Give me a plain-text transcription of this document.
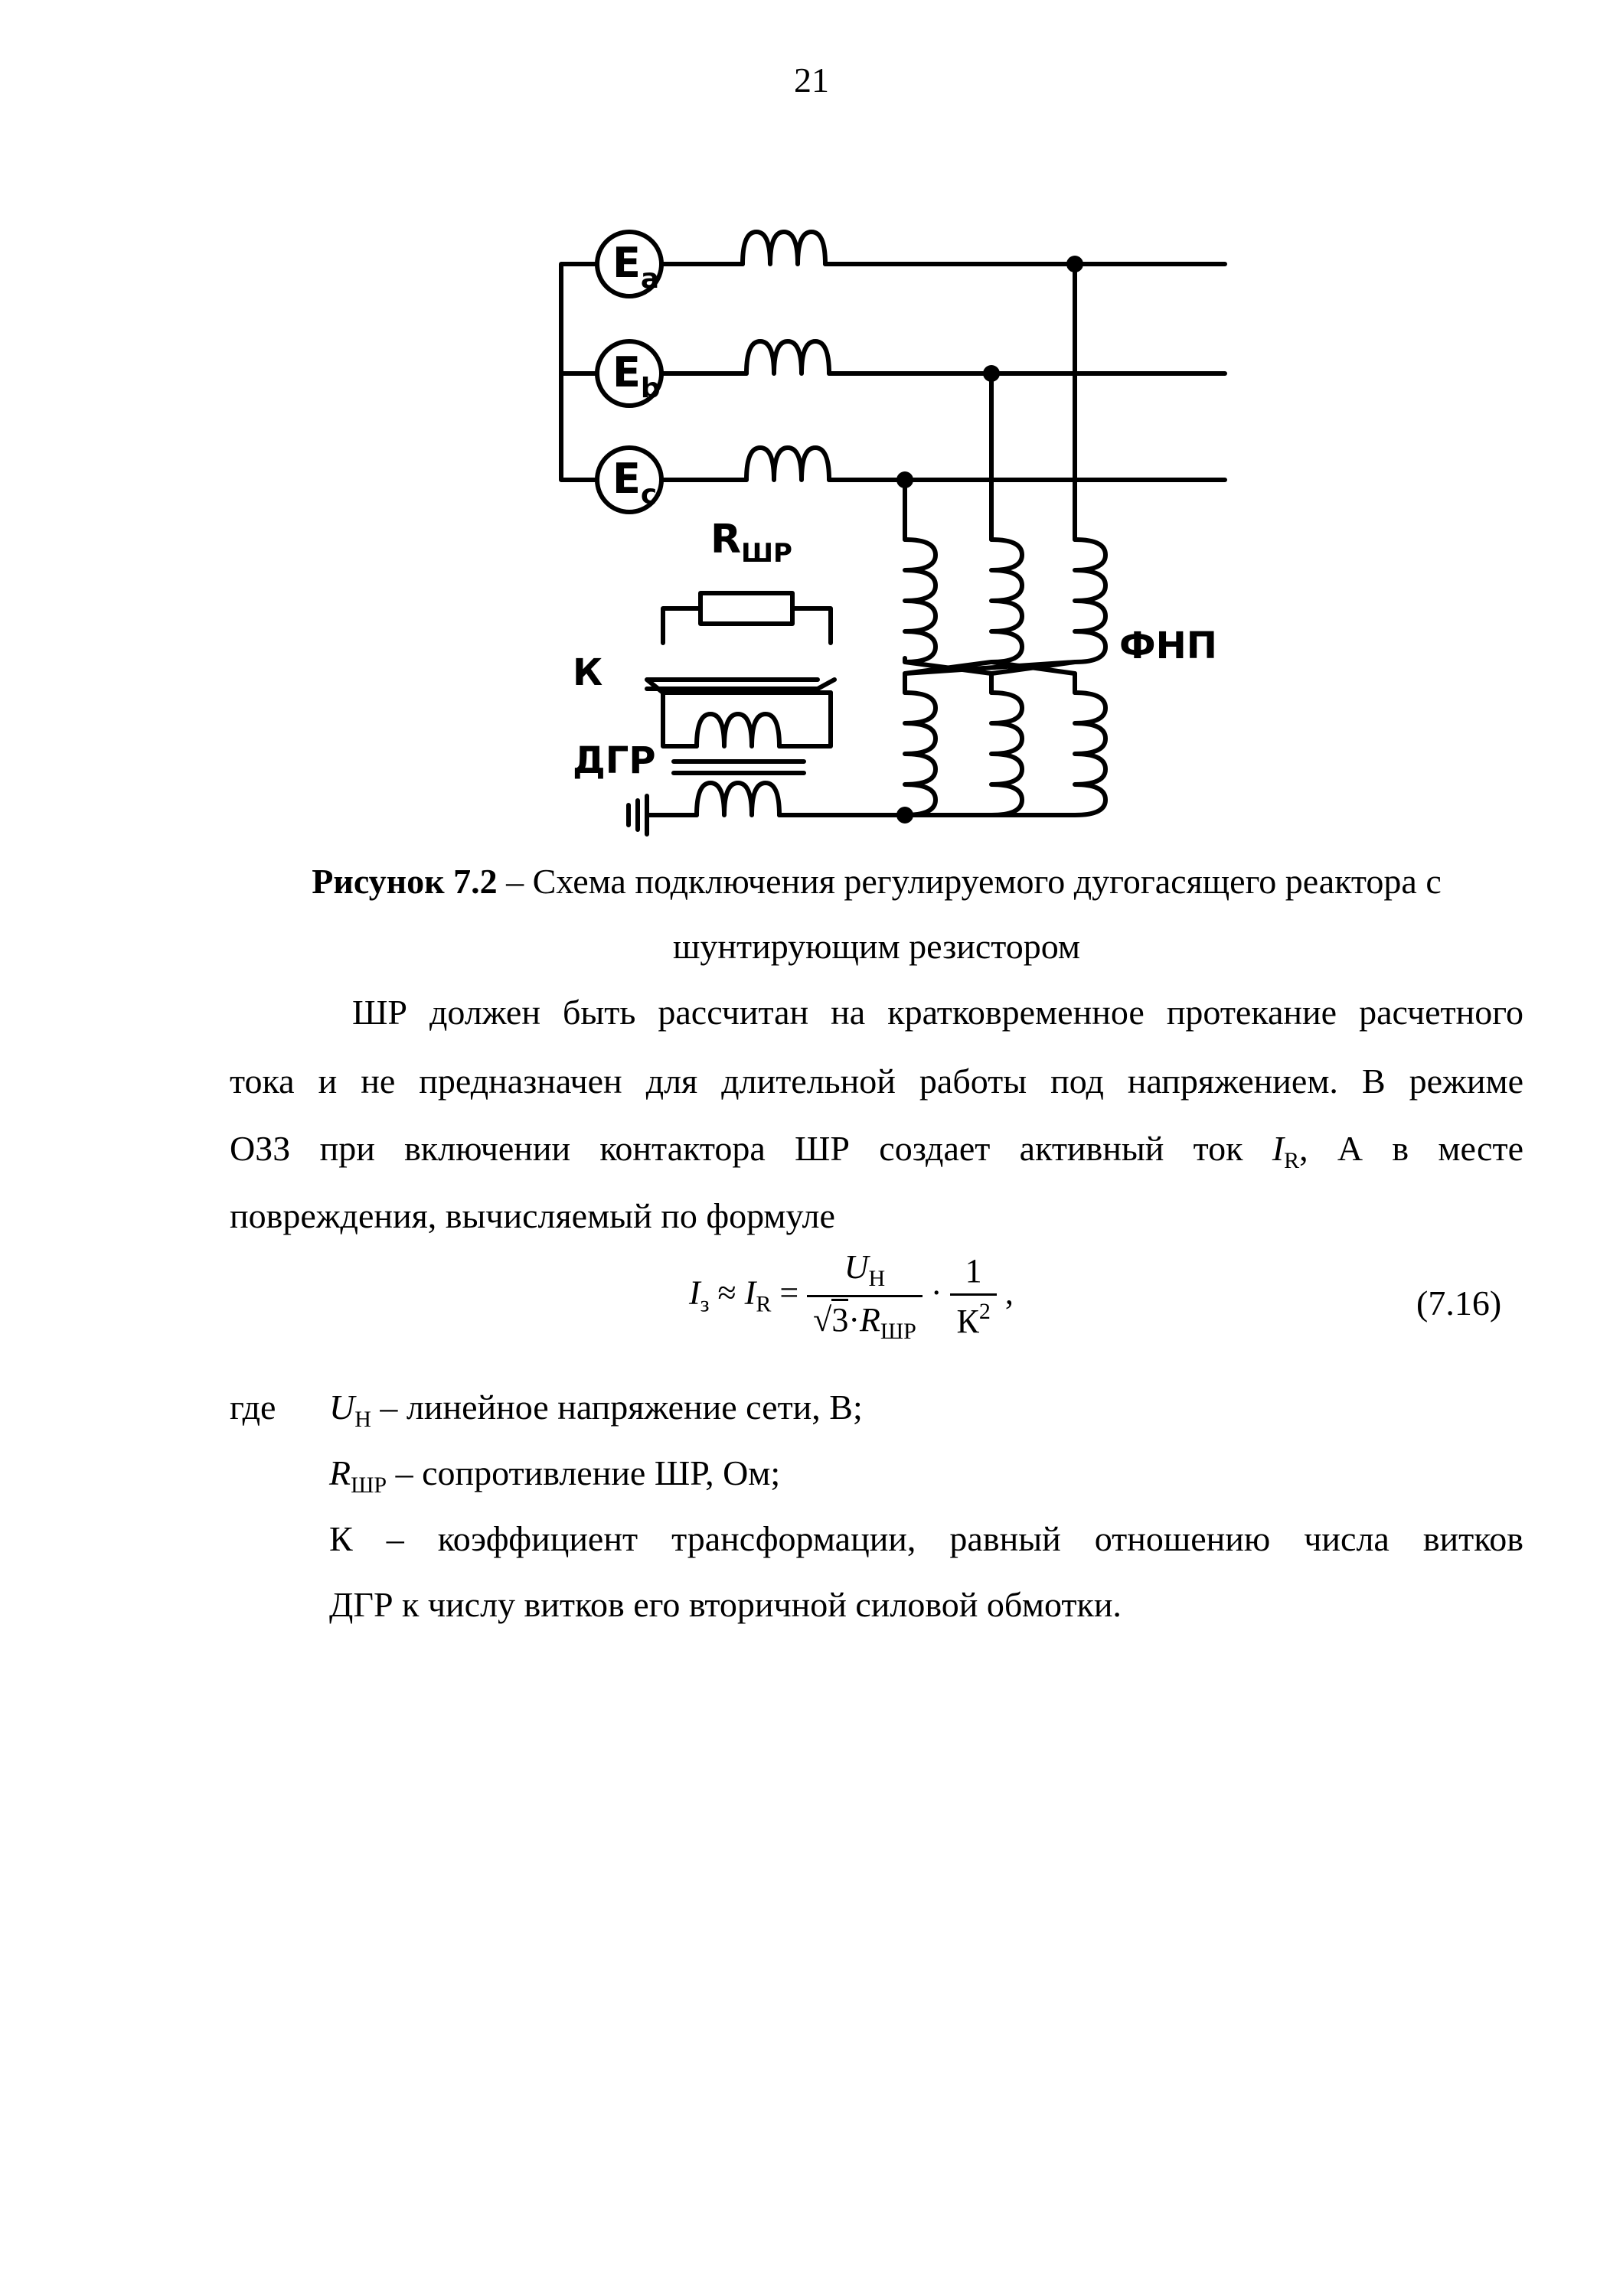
21
$E_a$
$E_b$
$E_c$
$R_{ШР}$
К
ДГР
ФНП
Рисунок 7.2 – Схема подключения регулируемого дугогасящего реактора с
шунтирующим резистором
ШР должен быть рассчитан на кратковременное протекание расчетного
тока и не предназначен для длительной работы под напряжением. В режиме
ОЗЗ при включении контактора ШР создает активный ток $I_R$, А в месте
повреждения, вычисляемый по формуле
$I_з \approx I_R = \frac{U_Н}{√3\cdot R_{ШР}} \cdot \frac{1}{К^2}$ ,	(7.16)
где $U_Н$ – линейное напряжение сети, В;
$R_{ШР}$ – сопротивление ШР, Ом;
К – коэффициент трансформации, равный отношению числа витков
ДГР к числу витков его вторичной силовой обмотки.
